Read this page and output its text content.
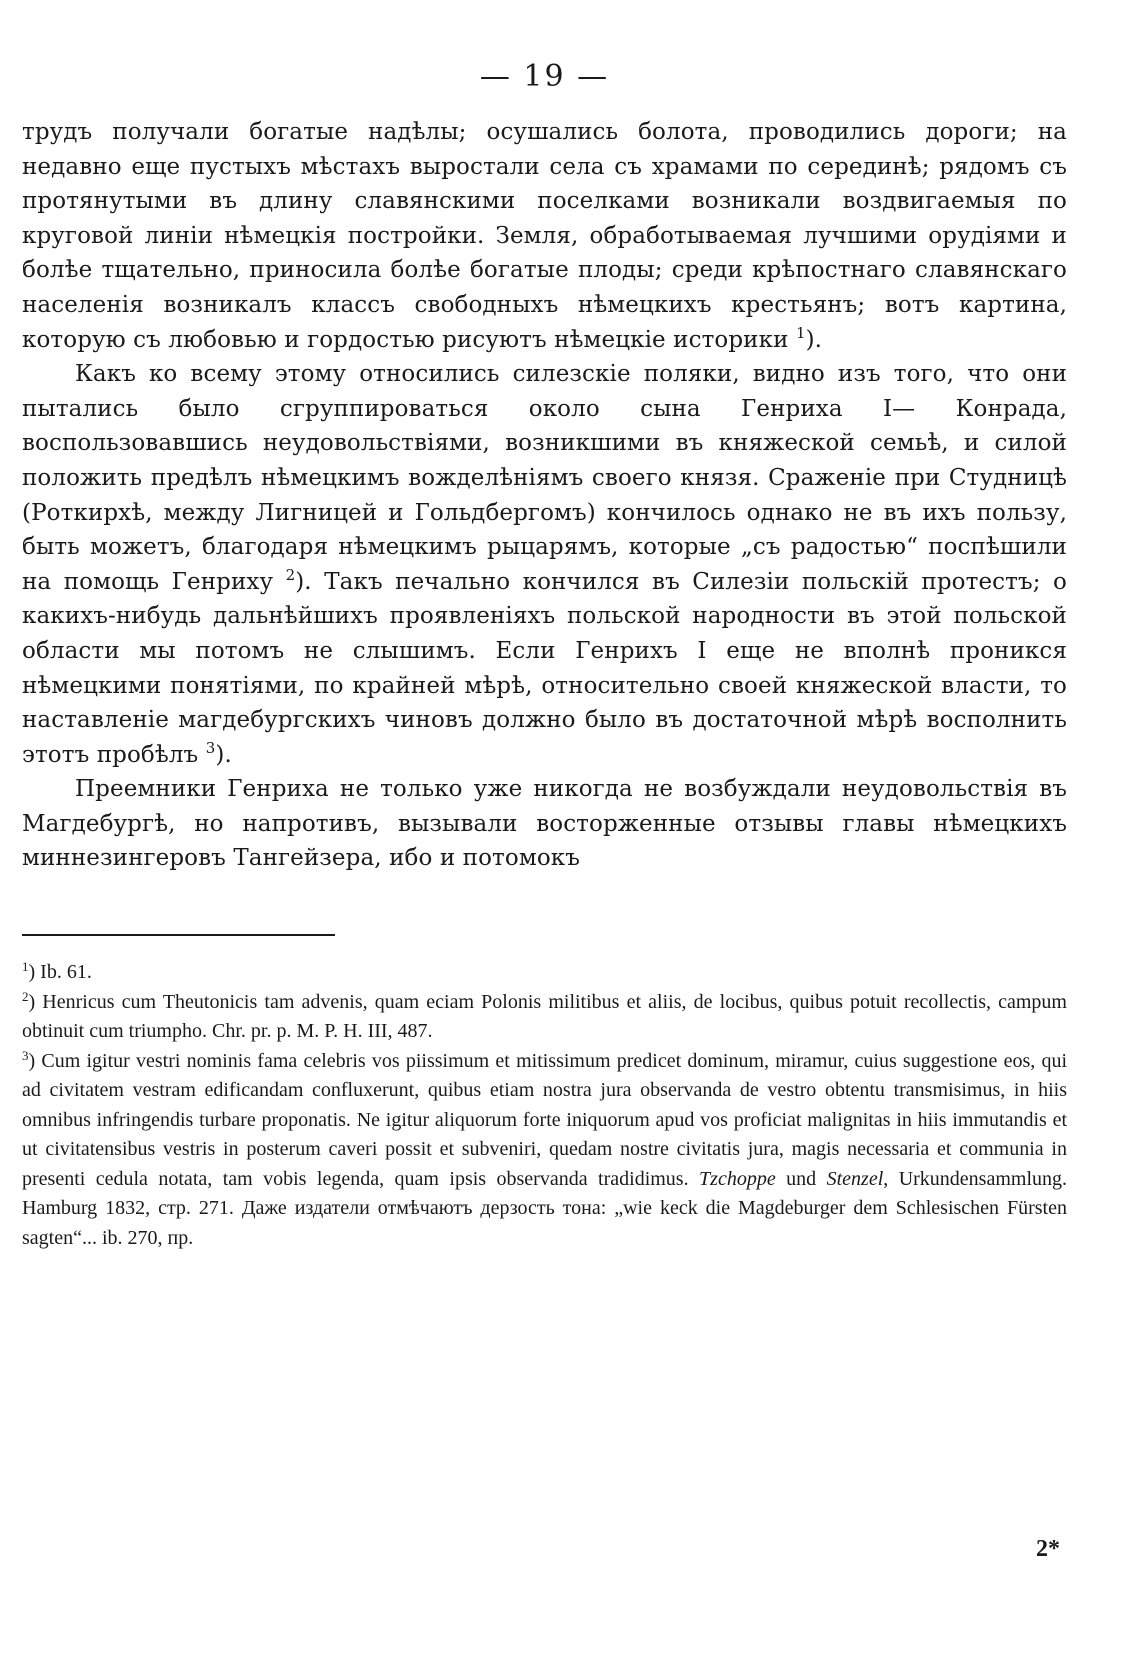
— 19 —

трудъ получали богатые надѣлы; осушались болота, проводились дороги; на недавно еще пустыхъ мѣстахъ выростали села съ храмами по серединѣ; рядомъ съ протянутыми въ длину славянскими поселками возникали воздвигаемыя по круговой линіи нѣмецкія постройки. Земля, обработываемая лучшими орудіями и болѣе тщательно, приносила болѣе богатые плоды; среди крѣпостнаго славянскаго населенія возникалъ классъ свободныхъ нѣмецкихъ крестьянъ; вотъ картина, которую съ любовью и гордостью рисуютъ нѣмецкіе историки $^1$).

Какъ ко всему этому относились силезскіе поляки, видно изъ того, что они пытались было сгруппироваться около сына Генриха I— Конрада, воспользовавшись неудовольствіями, возникшими въ княжеской семьѣ, и силой положить предѣлъ нѣмецкимъ вожделѣніямъ своего князя. Сраженіе при Студницѣ (Роткирхѣ, между Лигницей и Гольдбергомъ) кончилось однако не въ ихъ пользу, быть можетъ, благодаря нѣмецкимъ рыцарямъ, которые „съ радостью“ поспѣшили на помощь Генриху $^2$). Такъ печально кончился въ Силезіи польскій протестъ; о какихъ-нибудь дальнѣйшихъ проявленіяхъ польской народности въ этой польской области мы потомъ не слышимъ. Если Генрихъ I еще не вполнѣ проникся нѣмецкими понятіями, по крайней мѣрѣ, относительно своей княжеской власти, то наставленіе магдебургскихъ чиновъ должно было въ достаточной мѣрѣ восполнить этотъ пробѣлъ $^3$).

Преемники Генриха не только уже никогда не возбуждали неудовольствія въ Магдебургѣ, но напротивъ, вызывали восторженные отзывы главы нѣмецкихъ миннезингеровъ Тангейзера, ибо и потомокъ

$^1$) Ib. 61.

$^2$) Henricus cum Theutonicis tam advenis, quam eciam Polonis militibus et aliis, de locibus, quibus potuit recollectis, campum obtinuit cum triumpho. Chr. pr. p. M. P. H. III, 487.

$^3$) Cum igitur vestri nominis fama celebris vos piissimum et mitissimum predicet dominum, miramur, cuius suggestione eos, qui ad civitatem vestram edificandam confluxerunt, quibus etiam nostra jura observanda de vestro obtentu transmisimus, in hiis omnibus infringendis turbare proponatis. Ne igitur aliquorum forte iniquorum apud vos proficiat malignitas in hiis immutandis et ut civitatensibus vestris in posterum caveri possit et subveniri, quedam nostre civitatis jura, magis necessaria et communia in presenti cedula notata, tam vobis legenda, quam ipsis observanda tradidimus. Tzchoppe und Stenzel, Urkundensammlung. Hamburg 1832, стр. 271. Даже издатели отмѣчаютъ дерзость тона: „wie keck die Magdeburger dem Schlesischen Fürsten sagten“... ib. 270, пр.

2*
